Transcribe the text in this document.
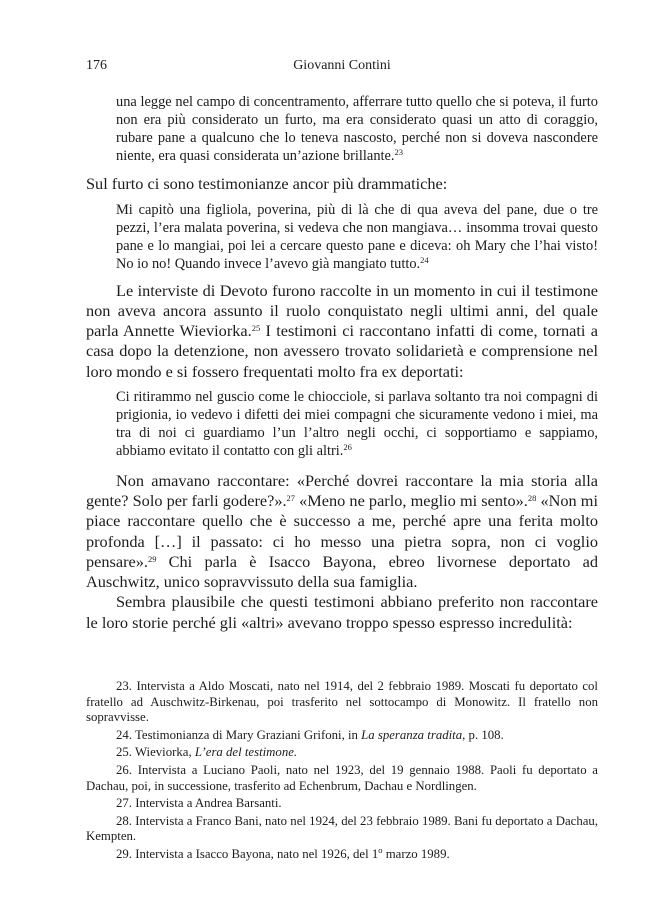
176	Giovanni Contini

una legge nel campo di concentramento, afferrare tutto quello che si poteva, il furto non era più considerato un furto, ma era considerato quasi un atto di coraggio, rubare pane a qualcuno che lo teneva nascosto, perché non si doveva nascondere niente, era quasi considerata un’azione brillante.$^{23}$

Sul furto ci sono testimonianze ancor più drammatiche:

Mi capitò una figliola, poverina, più di là che di qua aveva del pane, due o tre pezzi, l’era malata poverina, si vedeva che non mangiava… insomma trovai questo pane e lo mangiai, poi lei a cercare questo pane e diceva: oh Mary che l’hai visto! No io no! Quando invece l’avevo già mangiato tutto.$^{24}$

Le interviste di Devoto furono raccolte in un momento in cui il testimone non aveva ancora assunto il ruolo conquistato negli ultimi anni, del quale parla Annette Wieviorka.$^{25}$ I testimoni ci raccontano infatti di come, tornati a casa dopo la detenzione, non avessero trovato solidarietà e comprensione nel loro mondo e si fossero frequentati molto fra ex deportati:

Ci ritirammo nel guscio come le chiocciole, si parlava soltanto tra noi compagni di prigionia, io vedevo i difetti dei miei compagni che sicuramente vedono i miei, ma tra di noi ci guardiamo l’un l’altro negli occhi, ci sopportiamo e sappiamo, abbiamo evitato il contatto con gli altri.$^{26}$

Non amavano raccontare: «Perché dovrei raccontare la mia storia alla gente? Solo per farli godere?».$^{27}$ «Meno ne parlo, meglio mi sento».$^{28}$ «Non mi piace raccontare quello che è successo a me, perché apre una ferita molto profonda […] il passato: ci ho messo una pietra sopra, non ci voglio pensare».$^{29}$ Chi parla è Isacco Bayona, ebreo livornese deportato ad Auschwitz, unico sopravvissuto della sua famiglia.

Sembra plausibile che questi testimoni abbiano preferito non raccontare le loro storie perché gli «altri» avevano troppo spesso espresso incredulità:

23. Intervista a Aldo Moscati, nato nel 1914, del 2 febbraio 1989. Moscati fu deportato col fratello ad Auschwitz-Birkenau, poi trasferito nel sottocampo di Monowitz. Il fratello non sopravvisse.

24. Testimonianza di Mary Graziani Grifoni, in La speranza tradita, p. 108.

25. Wieviorka, L’era del testimone.

26. Intervista a Luciano Paoli, nato nel 1923, del 19 gennaio 1988. Paoli fu deportato a Dachau, poi, in successione, trasferito ad Echenbrum, Dachau e Nordlingen.

27. Intervista a Andrea Barsanti.

28. Intervista a Franco Bani, nato nel 1924, del 23 febbraio 1989. Bani fu deportato a Dachau, Kempten.

29. Intervista a Isacco Bayona, nato nel 1926, del 1$^o$ marzo 1989.
